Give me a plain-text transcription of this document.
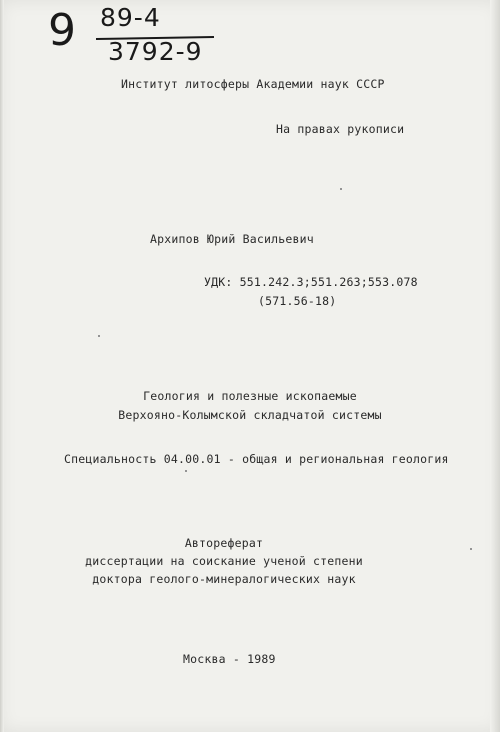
9 89-4
3792-9
Институт литосферы Академии наук СССР
На правах рукописи
Архипов Юрий Васильевич
УДК: 551.242.3;551.263;553.078
(571.56-18)
Геология и полезные ископаемые
Верхояно-Колымской складчатой системы
Специальность 04.00.01 - общая и региональная геология
Автореферат
диссертации на соискание ученой степени
доктора геолого-минералогических наук
Москва - 1989
